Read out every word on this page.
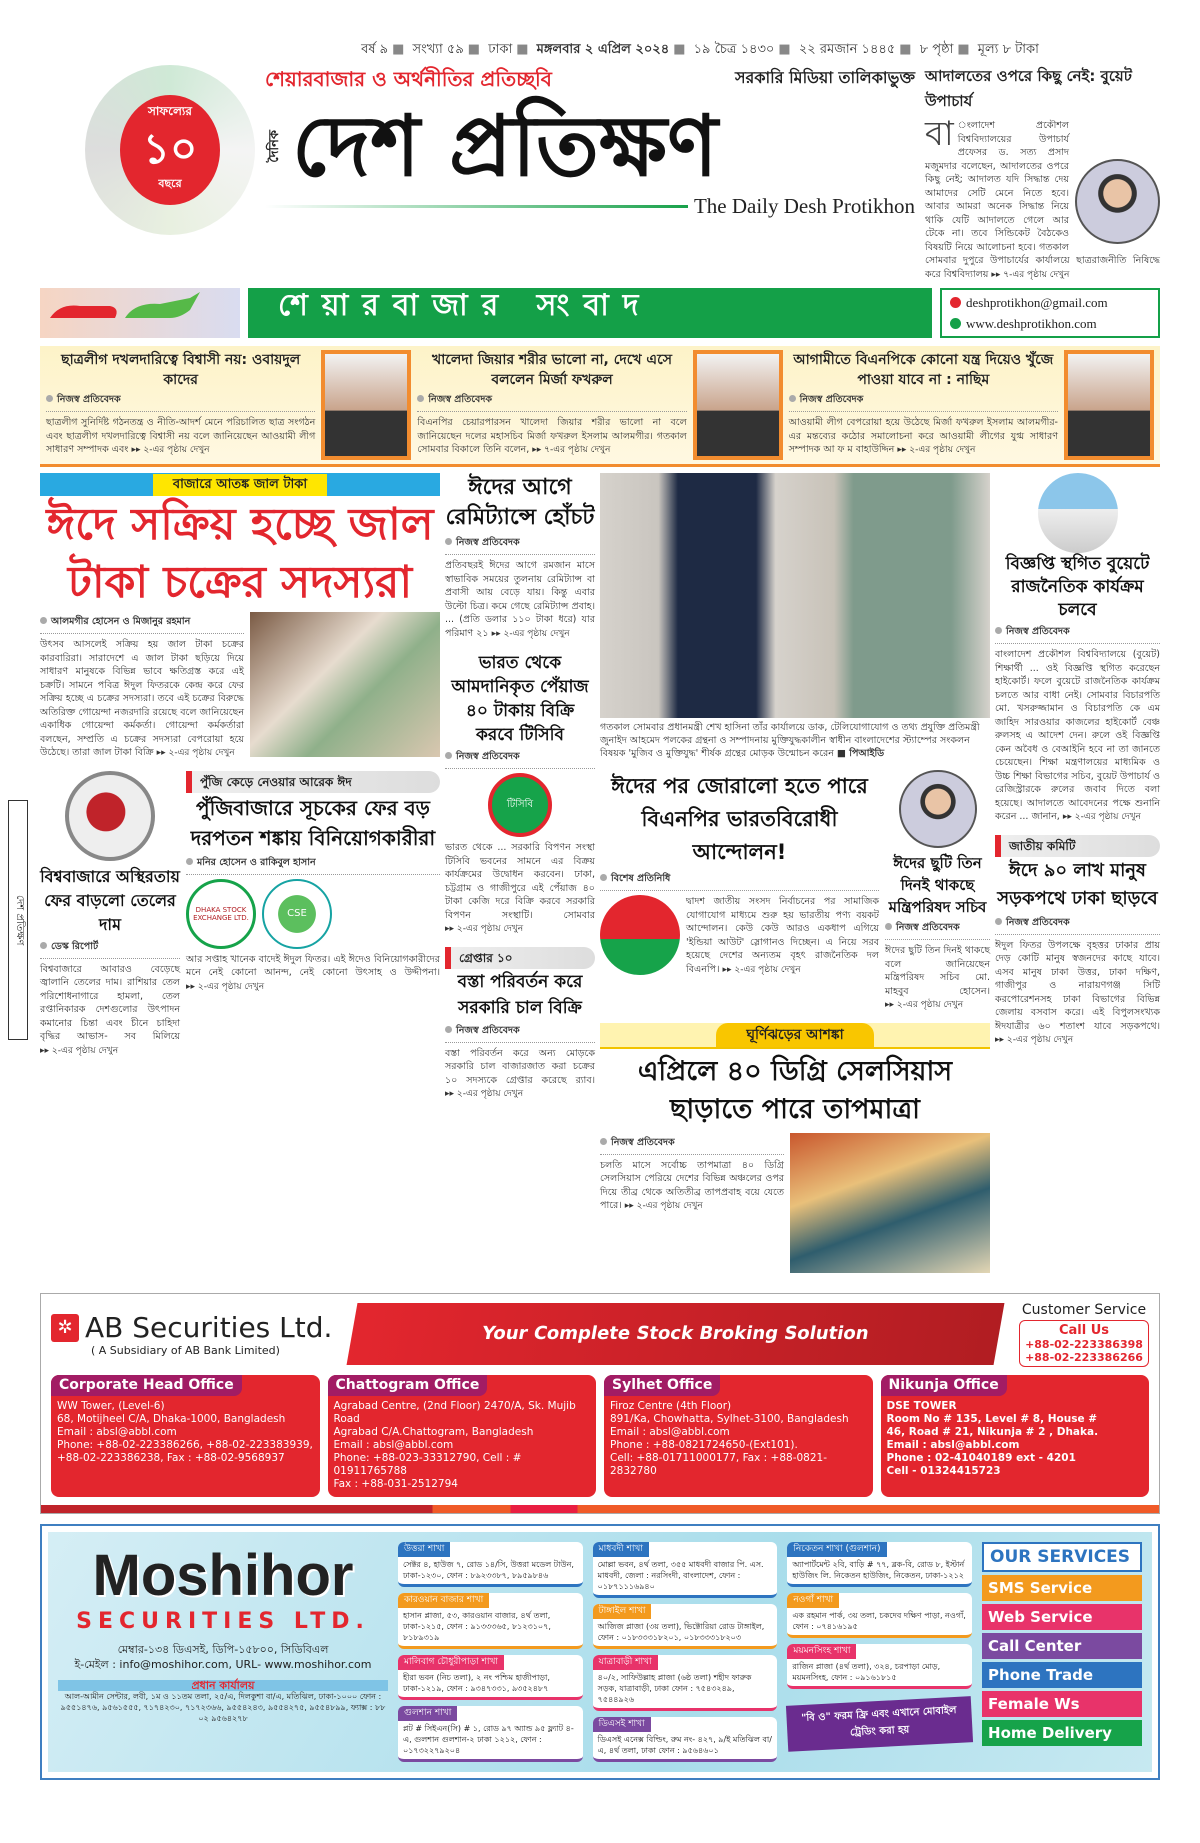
বর্ষ ৯ ■ সংখ্যা ৫৯ ■ ঢাকা ■ মঙ্গলবার ২ এপ্রিল ২০২৪ ■ ১৯ চৈত্র ১৪৩০ ■ ২২ রমজান ১৪৪৫ ■ ৮ পৃষ্ঠা ■ মূল্য ৮ টাকা
সাফল্যের
১০
বছরে
শেয়ারবাজার ও অর্থনীতির প্রতিচ্ছবি	সরকারি মিডিয়া তালিকাভুক্ত
দৈনিক দেশ প্রতিক্ষণ
The Daily Desh Protikhon
আদালতের ওপরে কিছু নেই: বুয়েট উপাচার্য
বা ংলাদেশ প্রকৌশল বিশ্ববিদ্যালয়ের উপাচার্য প্রফেসর ড. সত্য প্রসাদ মজুমদার বলেছেন, আদালতের ওপরে কিছু নেই; আদালত যদি সিদ্ধান্ত দেয় আমাদের সেটি মেনে নিতে হবে। আবার আমরা অনেক সিদ্ধান্ত নিয়ে থাকি যেটি আদালতে গেলে আর টেকে না। তবে সিন্ডিকেট বৈঠকেও বিষয়টি নিয়ে আলোচনা হবে। গতকাল সোমবার দুপুরে উপাচার্যের কার্যালয়ে ছাত্ররাজনীতি নিষিদ্ধে করে বিশ্ববিদ্যালয় ▸▸ ৭-এর পৃষ্ঠায় দেখুন
শেয়ারবাজার সংবাদ	deshprotikhon@gmail.com
www.deshprotikhon.com
ছাত্রলীগ দখলদারিত্বে বিশ্বাসী নয়: ওবায়দুল কাদের
নিজস্ব প্রতিবেদক
ছাত্রলীগ সুনির্দিষ্ট গঠনতন্ত্র ও নীতি-আদর্শ মেনে পরিচালিত ছাত্র সংগঠন এবং ছাত্রলীগ দখলদারিত্বে বিশ্বাসী নয় বলে জানিয়েছেন আওয়ামী লীগ সাধারণ সম্পাদক এবং ▸▸ ২-এর পৃষ্ঠায় দেখুন
খালেদা জিয়ার শরীর ভালো না, দেখে এসে বললেন মির্জা ফখরুল
নিজস্ব প্রতিবেদক
বিএনপির চেয়ারপারসন খালেদা জিয়ার শরীর ভালো না বলে জানিয়েছেন দলের মহাসচিব মির্জা ফখরুল ইসলাম আলমগীর। গতকাল সোমবার বিকালে তিনি বলেন, ▸▸ ৭-এর পৃষ্ঠায় দেখুন
আগামীতে বিএনপিকে কোনো যন্ত্র দিয়েও খুঁজে পাওয়া যাবে না : নাছিম
নিজস্ব প্রতিবেদক
আওয়ামী লীগ বেপরোয়া হয়ে উঠেছে মির্জা ফখরুল ইসলাম আলমগীর-এর মন্তব্যের কঠোর সমালোচনা করে আওয়ামী লীগের যুগ্ম সাধারণ সম্পাদক আ ফ ম বাহাউদ্দিন ▸▸ ২-এর পৃষ্ঠায় দেখুন
বাজারে আতঙ্ক জাল টাকা
ঈদে সক্রিয় হচ্ছে জাল টাকা চক্রের সদস্যরা
আলমগীর হোসেন ও মিজানুর রহমান
উৎসব আসলেই সক্রিয় হয় জাল টাকা চক্রের কারবারিরা। সারাদেশে এ জাল টাকা ছড়িয়ে দিয়ে সাধারণ মানুষকে বিভিন্ন ভাবে ক্ষতিগ্রস্ত করে এই চক্রটি। সামনে পবিত্র ঈদুল ফিতরকে কেন্দ্র করে ফের সক্রিয় হচ্ছে এ চক্রের সদস্যরা। তবে এই চক্রের বিরুদ্ধে অতিরিক্ত গোয়েন্দা নজরদারি রয়েছে বলে জানিয়েছেন একাধিক গোয়েন্দা কর্মকর্তা। গোয়েন্দা কর্মকর্তারা বলছেন, সম্প্রতি এ চক্রের সদস্যরা বেপরোয়া হয়ে উঠেছে। তারা জাল টাকা বিক্রি ▸▸ ২-এর পৃষ্ঠায় দেখুন
বিশ্ববাজারে অস্থিরতায় ফের বাড়লো তেলের দাম
ডেস্ক রিপোর্ট
বিশ্ববাজারে আবারও বেড়েছে জ্বালানি তেলের দাম। রাশিয়ার তেল পরিশোধনাগারে হামলা, তেল রপ্তানিকারক দেশগুলোর উৎপাদন কমানোর চিন্তা এবং চীনে চাহিদা বৃদ্ধির আভাস- সব মিলিয়ে ▸▸ ২-এর পৃষ্ঠায় দেখুন
পুঁজি কেড়ে নেওয়ার আরেক ঈদ
পুঁজিবাজারে সূচকের ফের বড় দরপতন শঙ্কায় বিনিয়োগকারীরা
মনির হোসেন ও রাকিবুল হাসান
DHAKA STOCK EXCHANGE LTD.	CSE
আর সপ্তাহ খানেক বাদেই ঈদুল ফিতর। এই ঈদেও বিনিয়োগকারীদের মনে নেই কোনো আনন্দ, নেই কোনো উৎসাহ ও উদ্দীপনা। ▸▸ ২-এর পৃষ্ঠায় দেখুন
ঈদের আগে রেমিট্যান্সে হোঁচট
নিজস্ব প্রতিবেদক
প্রতিবছরই ঈদের আগে রমজান মাসে স্বাভাবিক সময়ের তুলনায় রেমিট্যান্স বা প্রবাসী আয় বেড়ে যায়। কিন্তু এবার উল্টো চিত্র। কমে গেছে রেমিট্যান্স প্রবাহ। ... (প্রতি ডলার ১১০ টাকা ধরে) যার পরিমাণ ২১ ▸▸ ২-এর পৃষ্ঠায় দেখুন
ভারত থেকে আমদানিকৃত পেঁয়াজ ৪০ টাকায় বিক্রি করবে টিসিবি
নিজস্ব প্রতিবেদক
টিসিবি
ভারত থেকে ... সরকারি বিপণন সংস্থা টিসিবি ভবনের সামনে এর বিক্রয় কার্যক্রমের উদ্বোধন করবেন। ঢাকা, চট্টগ্রাম ও গাজীপুরে এই পেঁয়াজ ৪০ টাকা কেজি দরে বিক্রি করবে সরকারি বিপণন সংস্থাটি। সোমবার ▸▸ ২-এর পৃষ্ঠায় দেখুন
গ্রেপ্তার ১০
বস্তা পরিবর্তন করে সরকারি চাল বিক্রি
নিজস্ব প্রতিবেদক
বস্তা পরিবর্তন করে অন্য মোড়কে সরকারি চাল বাজারজাত করা চক্রের ১০ সদস্যকে গ্রেপ্তার করেছে র‍্যাব। ▸▸ ২-এর পৃষ্ঠায় দেখুন
গতকাল সোমবার প্রধানমন্ত্রী শেখ হাসিনা তাঁর কার্যালয়ে ডাক, টেলিযোগাযোগ ও তথ্য প্রযুক্তি প্রতিমন্ত্রী জুনাইদ আহমেদ পলকের গ্রন্থনা ও সম্পাদনায় মুক্তিযুদ্ধকালীন স্বাধীন বাংলাদেশের স্ট্যাম্পের সংকলন বিষয়ক 'মুজিব ও মুক্তিযুদ্ধ' শীর্ষক গ্রন্থের মোড়ক উন্মোচন করেন ■ পিআইডি
ঈদের পর জোরালো হতে পারে বিএনপির ভারতবিরোধী আন্দোলন!
বিশেষ প্রতিনিধি
দ্বাদশ জাতীয় সংসদ নির্বাচনের পর সামাজিক যোগাযোগ মাধ্যমে শুরু হয় ভারতীয় পণ্য বয়কট আন্দোলন। কেউ কেউ আরও একধাপ এগিয়ে 'ইন্ডিয়া আউট' স্লোগানও দিচ্ছেন। এ নিয়ে সরব হয়েছে দেশের অন্যতম বৃহৎ রাজনৈতিক দল বিএনপি। ▸▸ ২-এর পৃষ্ঠায় দেখুন
ঈদের ছুটি তিন দিনই থাকছে মন্ত্রিপরিষদ সচিব
নিজস্ব প্রতিবেদক
ঈদের ছুটি তিন দিনই থাকছে বলে জানিয়েছেন মন্ত্রিপরিষদ সচিব মো. মাহবুব হোসেন। ▸▸ ২-এর পৃষ্ঠায় দেখুন
ঘূর্ণিঝড়ের আশঙ্কা
এপ্রিলে ৪০ ডিগ্রি সেলসিয়াস ছাড়াতে পারে তাপমাত্রা
নিজস্ব প্রতিবেদক
চলতি মাসে সর্বোচ্চ তাপমাত্রা ৪০ ডিগ্রি সেলসিয়াস পেরিয়ে দেশের বিভিন্ন অঞ্চলের ওপর দিয়ে তীব্র থেকে অতিতীব্র তাপপ্রবাহ বয়ে যেতে পারে। ▸▸ ২-এর পৃষ্ঠায় দেখুন
বিজ্ঞপ্তি স্থগিত বুয়েটে রাজনৈতিক কার্যক্রম চলবে
নিজস্ব প্রতিবেদক
বাংলাদেশ প্রকৌশল বিশ্ববিদ্যালয়ে (বুয়েট) শিক্ষার্থী ... ওই বিজ্ঞপ্তি স্থগিত করেছেন হাইকোর্ট। ফলে বুয়েটে রাজনৈতিক কার্যক্রম চলতে আর বাধা নেই। সোমবার বিচারপতি মো. খসরুজ্জামান ও বিচারপতি কে এম জাহিদ সারওয়ার কাজলের হাইকোর্ট বেঞ্চ রুলসহ এ আদেশ দেন। রুলে ওই বিজ্ঞপ্তি কেন অবৈধ ও বেআইনি হবে না তা জানতে চেয়েছেন। শিক্ষা মন্ত্রণালয়ের মাধ্যমিক ও উচ্চ শিক্ষা বিভাগের সচিব, বুয়েট উপাচার্য ও রেজিস্ট্রারকে রুলের জবাব দিতে বলা হয়েছে। আদালতে আবেদনের পক্ষে শুনানি করেন ... জানান, ▸▸ ২-এর পৃষ্ঠায় দেখুন
জাতীয় কমিটি
ঈদে ৯০ লাখ মানুষ সড়কপথে ঢাকা ছাড়বে
নিজস্ব প্রতিবেদক
ঈদুল ফিতর উপলক্ষে বৃহত্তর ঢাকার প্রায় দেড় কোটি মানুষ স্বজনদের কাছে যাবে। এসব মানুষ ঢাকা উত্তর, ঢাকা দক্ষিণ, গাজীপুর ও নারায়ণগঞ্জ সিটি করপোরেশনসহ ঢাকা বিভাগের বিভিন্ন জেলায় বসবাস করে। এই বিপুলসংখ্যক ঈদযাত্রীর ৬০ শতাংশ যাবে সড়কপথে। ▸▸ ২-এর পৃষ্ঠায় দেখুন
দেশ প্রতিক্ষণ
✲ AB Securities Ltd.
( A Subsidiary of AB Bank Limited)
Your Complete Stock Broking Solution
Customer Service
Call Us
+88-02-223386398
+88-02-223386266
Corporate Head Office
WW Tower, (Level-6)
68, Motijheel C/A, Dhaka-1000, Bangladesh
Email : absl@abbl.com
Phone: +88-02-223386266, +88-02-223383939,
+88-02-223386238, Fax : +88-02-9568937
Chattogram Office
Agrabad Centre, (2nd Floor) 2470/A, Sk. Mujib Road
Agrabad C/A.Chattogram, Bangladesh
Email : absl@abbl.com
Phone: +88-023-33312790, Cell : # 01911765788
Fax : +88-031-2512794
Sylhet Office
Firoz Centre (4th Floor)
891/Ka, Chowhatta, Sylhet-3100, Bangladesh
Email : absl@abbl.com
Phone : +88-0821724650-(Ext101).
Cell: +88-01711000177, Fax : +88-0821-2832780
Nikunja Office
DSE TOWER
Room No # 135, Level # 8, House #
46, Road # 21, Nikunja # 2 , Dhaka.
Email : absl@abbl.com
Phone : 02-41040189 ext - 4201
Cell - 01324415723
Moshihor
SECURITIES LTD.
মেম্বার-১৩৪ ডিএসই, ডিপি-১৫৮০০, সিডিবিএল
ই-মেইল : info@moshihor.com, URL- www.moshihor.com
প্রধান কার্যালয়
আল-আমীন সেন্টার, লবী, ১ম ও ১১তম তলা, ২৫/এ, দিলকুশা বা/এ, মতিঝিল, ঢাকা-১০০০ ফোন : ৯৫৫১৪৭৬, ৯৫৬১৫৫৫, ৭১৭৪২৩০, ৭১৭২৩৬৬, ৯৫৫৪২৪৩, ৯৫৫৪২৭৫, ৯৫৫৪৮৯৯, ফ্যাক্স : ৮৮ ০২ ৯৫৬৪২৭৮
উত্তরা শাখা
সেক্টর ৪, হাউজ ৭, রোড ১৪/সি, উত্তরা মডেল টাউন, ঢাকা-১২৩০, ফোন : ৮৯২৩৩৮৭, ৮৯৫৯৮৪৬
কারওয়ান বাজার শাখা
হাসান প্লাজা, ৫৩, কারওয়ান বাজার, ৪র্থ তলা, ঢাকা-১২১৫, ফোন : ৯১৩৩৩৬৫, ৮১২৩১০৭, ৮১৮৯৩১৯
মালিবাগ চৌধুরীপাড়া শাখা
হীরা ভবন (নিচ তলা), ২ নং পশ্চিম হাজীপাড়া, ঢাকা-১২১৯, ফোন : ৯৩৪৭৩৩১, ৯৩৫২৪৮৭
গুলশান শাখা
প্লট # সিইএন(সি) # ১, রোড ৯৭ অ্যান্ড ৯৫ ফ্ল্যাট ৪-এ, গুলশান গুলশান-২ ঢাকা ১২১২, ফোন : ০১৭৩২২৭৯২০৪
মাধবদী শাখা
মোল্লা ভবন, ৪র্থ তলা, ৩৫৫ মাধবদী বাজার পি. এস. মাধবদী, জেলা : নরসিংদী, বাংলাদেশ, ফোন : ০১৮৭১১১৬৯৪০
টাঙ্গাইল শাখা
আজিজ প্লাজা (৩য় তলা), ভিক্টোরিয়া রোড টাঙ্গাইল, ফোন : ০১৮৩৩৩১৮২০১, ০১৮৩৩৩১৮২০৩
যাত্রাবাড়ী শাখা
৪০/২, সাফিউল্লাহ প্লাজা (৬ষ্ঠ তলা) শহীদ ফারুক সড়ক, যাত্রাবাড়ী, ঢাকা ফোন : ৭৫৪৩২৪৯, ৭৫৪৪৯২৬
ডিএসই শাখা
ডিএসই এনেক্স বিল্ডিং, রুম নং- ৪২৭, ৯/ই মতিঝিল বা/এ, ৪র্থ তলা, ঢাকা ফোন : ৯৫৬৪৬০১
নিকেতন শাখা (গুলশান)
অ্যাপার্টমেন্ট ২বি, বাড়ি # ৭৭, ব্লক-বি, রোড ৮, ইস্টার্ন হাউজিং লি. নিকেতন হাউজিং, নিকেতন, ঢাকা-১২১২
নওগাঁ শাখা
এক রহমান পার্ক, ৩য় তলা, চকদেব দক্ষিণ পাড়া, নওগাঁ, ফোন : ০৭৪১৬১৯৫
ময়মনসিংহ শাখা
রাজিন প্লাজা (৪র্থ তলা), ৩২৪, চরপাড়া মোড়, ময়মনসিংহ, ফোন : ০৯১৬১৮১৫
"বি ও" ফরম ফ্রি এবং এখানে মোবাইল ট্রেডিং করা হয়
OUR SERVICES
SMS Service
Web Service
Call Center
Phone Trade
Female Ws
Home Delivery
